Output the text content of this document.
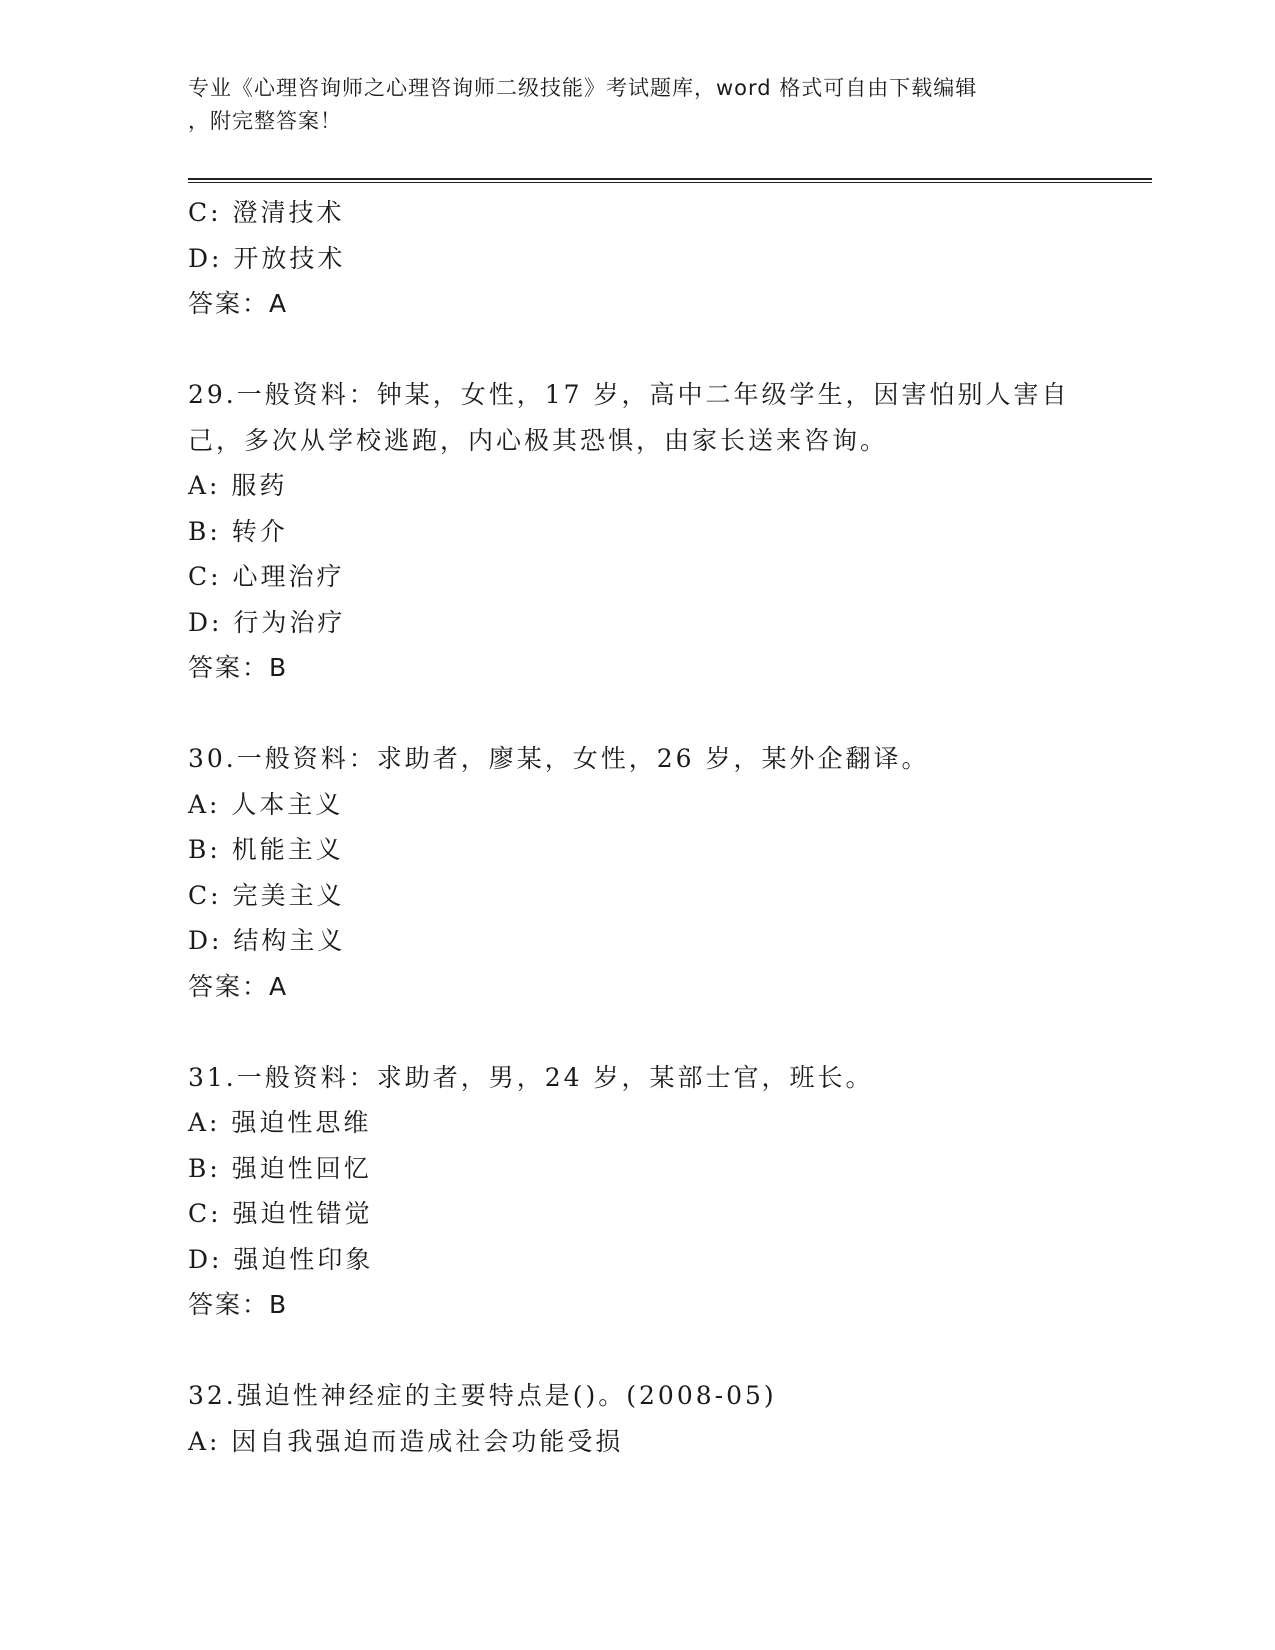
专业《心理咨询师之心理咨询师二级技能》考试题库，word 格式可自由下载编辑
，附完整答案！
C: 澄清技术
D: 开放技术
答案：A
29.一般资料：钟某，女性，17 岁，高中二年级学生，因害怕别人害自
己，多次从学校逃跑，内心极其恐惧，由家长送来咨询。
A: 服药
B: 转介
C: 心理治疗
D: 行为治疗
答案：B
30.一般资料：求助者，廖某，女性，26 岁，某外企翻译。
A: 人本主义
B: 机能主义
C: 完美主义
D: 结构主义
答案：A
31.一般资料：求助者，男，24 岁，某部士官，班长。
A: 强迫性思维
B: 强迫性回忆
C: 强迫性错觉
D: 强迫性印象
答案：B
32.强迫性神经症的主要特点是()。(2008-05)
A: 因自我强迫而造成社会功能受损
